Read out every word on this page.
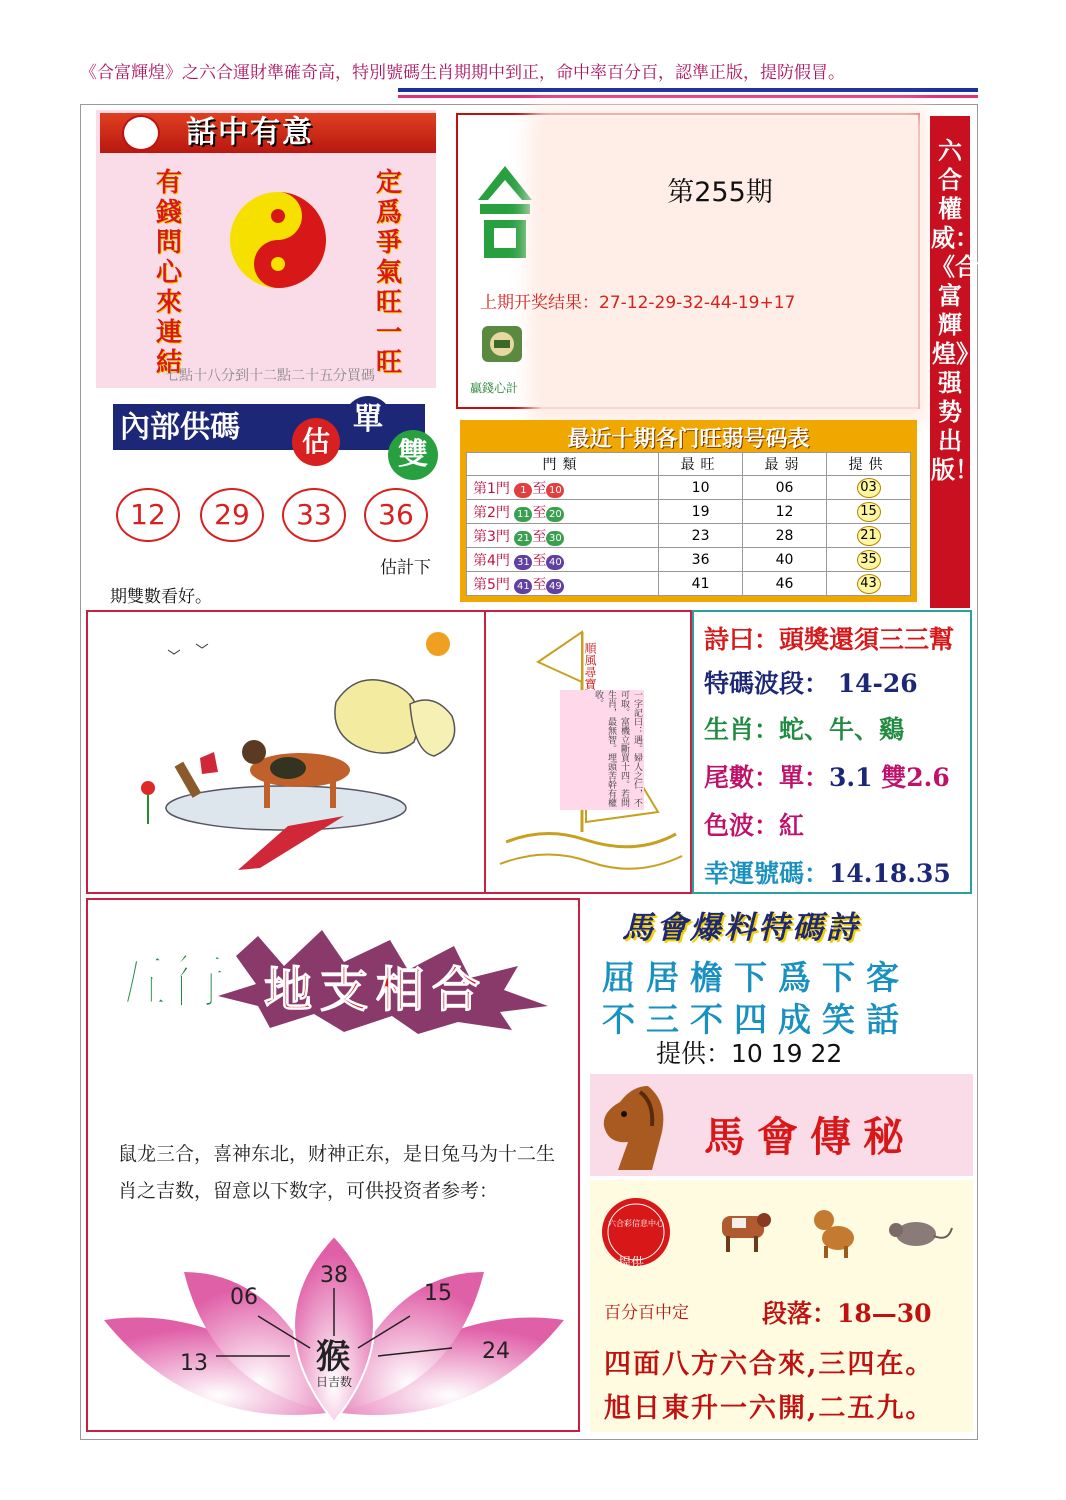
《合富輝煌》之六合運財準確奇高，特別號碼生肖期期中到正，命中率百分百，認準正版，提防假冒。
話中有意
有錢問心來連結
定爲爭氣旺一旺
七點十八分到十二點二十五分買碼
第255期
上期开奖结果：27-12-29-32-44-19+17
贏錢心計
六合權威：《合富輝煌》强势出版！
內部供碼	估
單
雙
12	29	33	36
估計下
期雙數看好。
最近十期各门旺弱号码表
門類	最旺	最弱	提供
第1門 1 至 10	10	06	03
第2門 11 至 20	19	12	15
第3門 21 至 30	23	28	21
第4門 31 至 40	36	40	35
第5門 41 至 49	41	46	43
順風尋寶
一字記曰：遇。婦人之仁，不可取。富機立斷買十四。若問生肖，最無智。埋頭苦幹有權收。
詩曰：頭獎還須三三幫
特碼波段： 14-26
生肖：蛇、牛、鷄
尾數：單：3.1 雙2.6
色波：紅
幸運號碼：14.18.35
五行 地支相合
鼠龙三合，喜神东北，财神正东，是日兔马为十二生肖之吉数，留意以下数字，可供投资者参考：
13
06
38
15
24
猴
日吉数
馬會爆料特碼詩
屈居檐下爲下客
不三不四成笑話
提供：10 19 22
馬會傳秘
六合彩信息中心
提供
百分百中定	段落：18—30
四面八方六合來,三四在。
旭日東升一六開,二五九。
